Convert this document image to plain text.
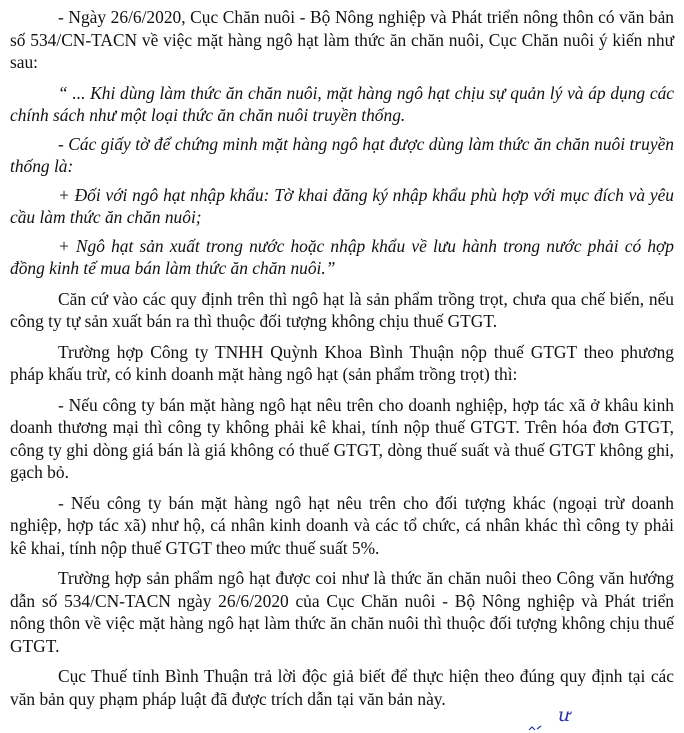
- Ngày 26/6/2020, Cục Chăn nuôi - Bộ Nông nghiệp và Phát triển nông thôn có văn bản số 534/CN-TACN về việc mặt hàng ngô hạt làm thức ăn chăn nuôi, Cục Chăn nuôi ý kiến như sau:

“ ... Khi dùng làm thức ăn chăn nuôi, mặt hàng ngô hạt chịu sự quản lý và áp dụng các chính sách như một loại thức ăn chăn nuôi truyền thống.

- Các giấy tờ để chứng minh mặt hàng ngô hạt được dùng làm thức ăn chăn nuôi truyền thống là:

+ Đối với ngô hạt nhập khẩu: Tờ khai đăng ký nhập khẩu phù hợp với mục đích và yêu cầu làm thức ăn chăn nuôi;

+ Ngô hạt sản xuất trong nước hoặc nhập khẩu về lưu hành trong nước phải có hợp đồng kinh tế mua bán làm thức ăn chăn nuôi.”

Căn cứ vào các quy định trên thì ngô hạt là sản phẩm trồng trọt, chưa qua chế biến, nếu công ty tự sản xuất bán ra thì thuộc đối tượng không chịu thuế GTGT.

Trường hợp Công ty TNHH Quỳnh Khoa Bình Thuận nộp thuế GTGT theo phương pháp khấu trừ, có kinh doanh mặt hàng ngô hạt (sản phẩm trồng trọt) thì:

- Nếu công ty bán mặt hàng ngô hạt nêu trên cho doanh nghiệp, hợp tác xã ở khâu kinh doanh thương mại thì công ty không phải kê khai, tính nộp thuế GTGT. Trên hóa đơn GTGT, công ty ghi dòng giá bán là giá không có thuế GTGT, dòng thuế suất và thuế GTGT không ghi, gạch bỏ.

- Nếu công ty bán mặt hàng ngô hạt nêu trên cho đối tượng khác (ngoại trừ doanh nghiệp, hợp tác xã) như hộ, cá nhân kinh doanh và các tổ chức, cá nhân khác thì công ty phải kê khai, tính nộp thuế GTGT theo mức thuế suất 5%.

Trường hợp sản phẩm ngô hạt được coi như là thức ăn chăn nuôi theo Công văn hướng dẫn số 534/CN-TACN ngày 26/6/2020 của Cục Chăn nuôi - Bộ Nông nghiệp và Phát triển nông thôn về việc mặt hàng ngô hạt làm thức ăn chăn nuôi thì thuộc đối tượng không chịu thuế GTGT.

Cục Thuế tỉnh Bình Thuận trả lời độc giả biết để thực hiện theo đúng quy định tại các văn bản quy phạm pháp luật đã được trích dẫn tại văn bản này.

ư
